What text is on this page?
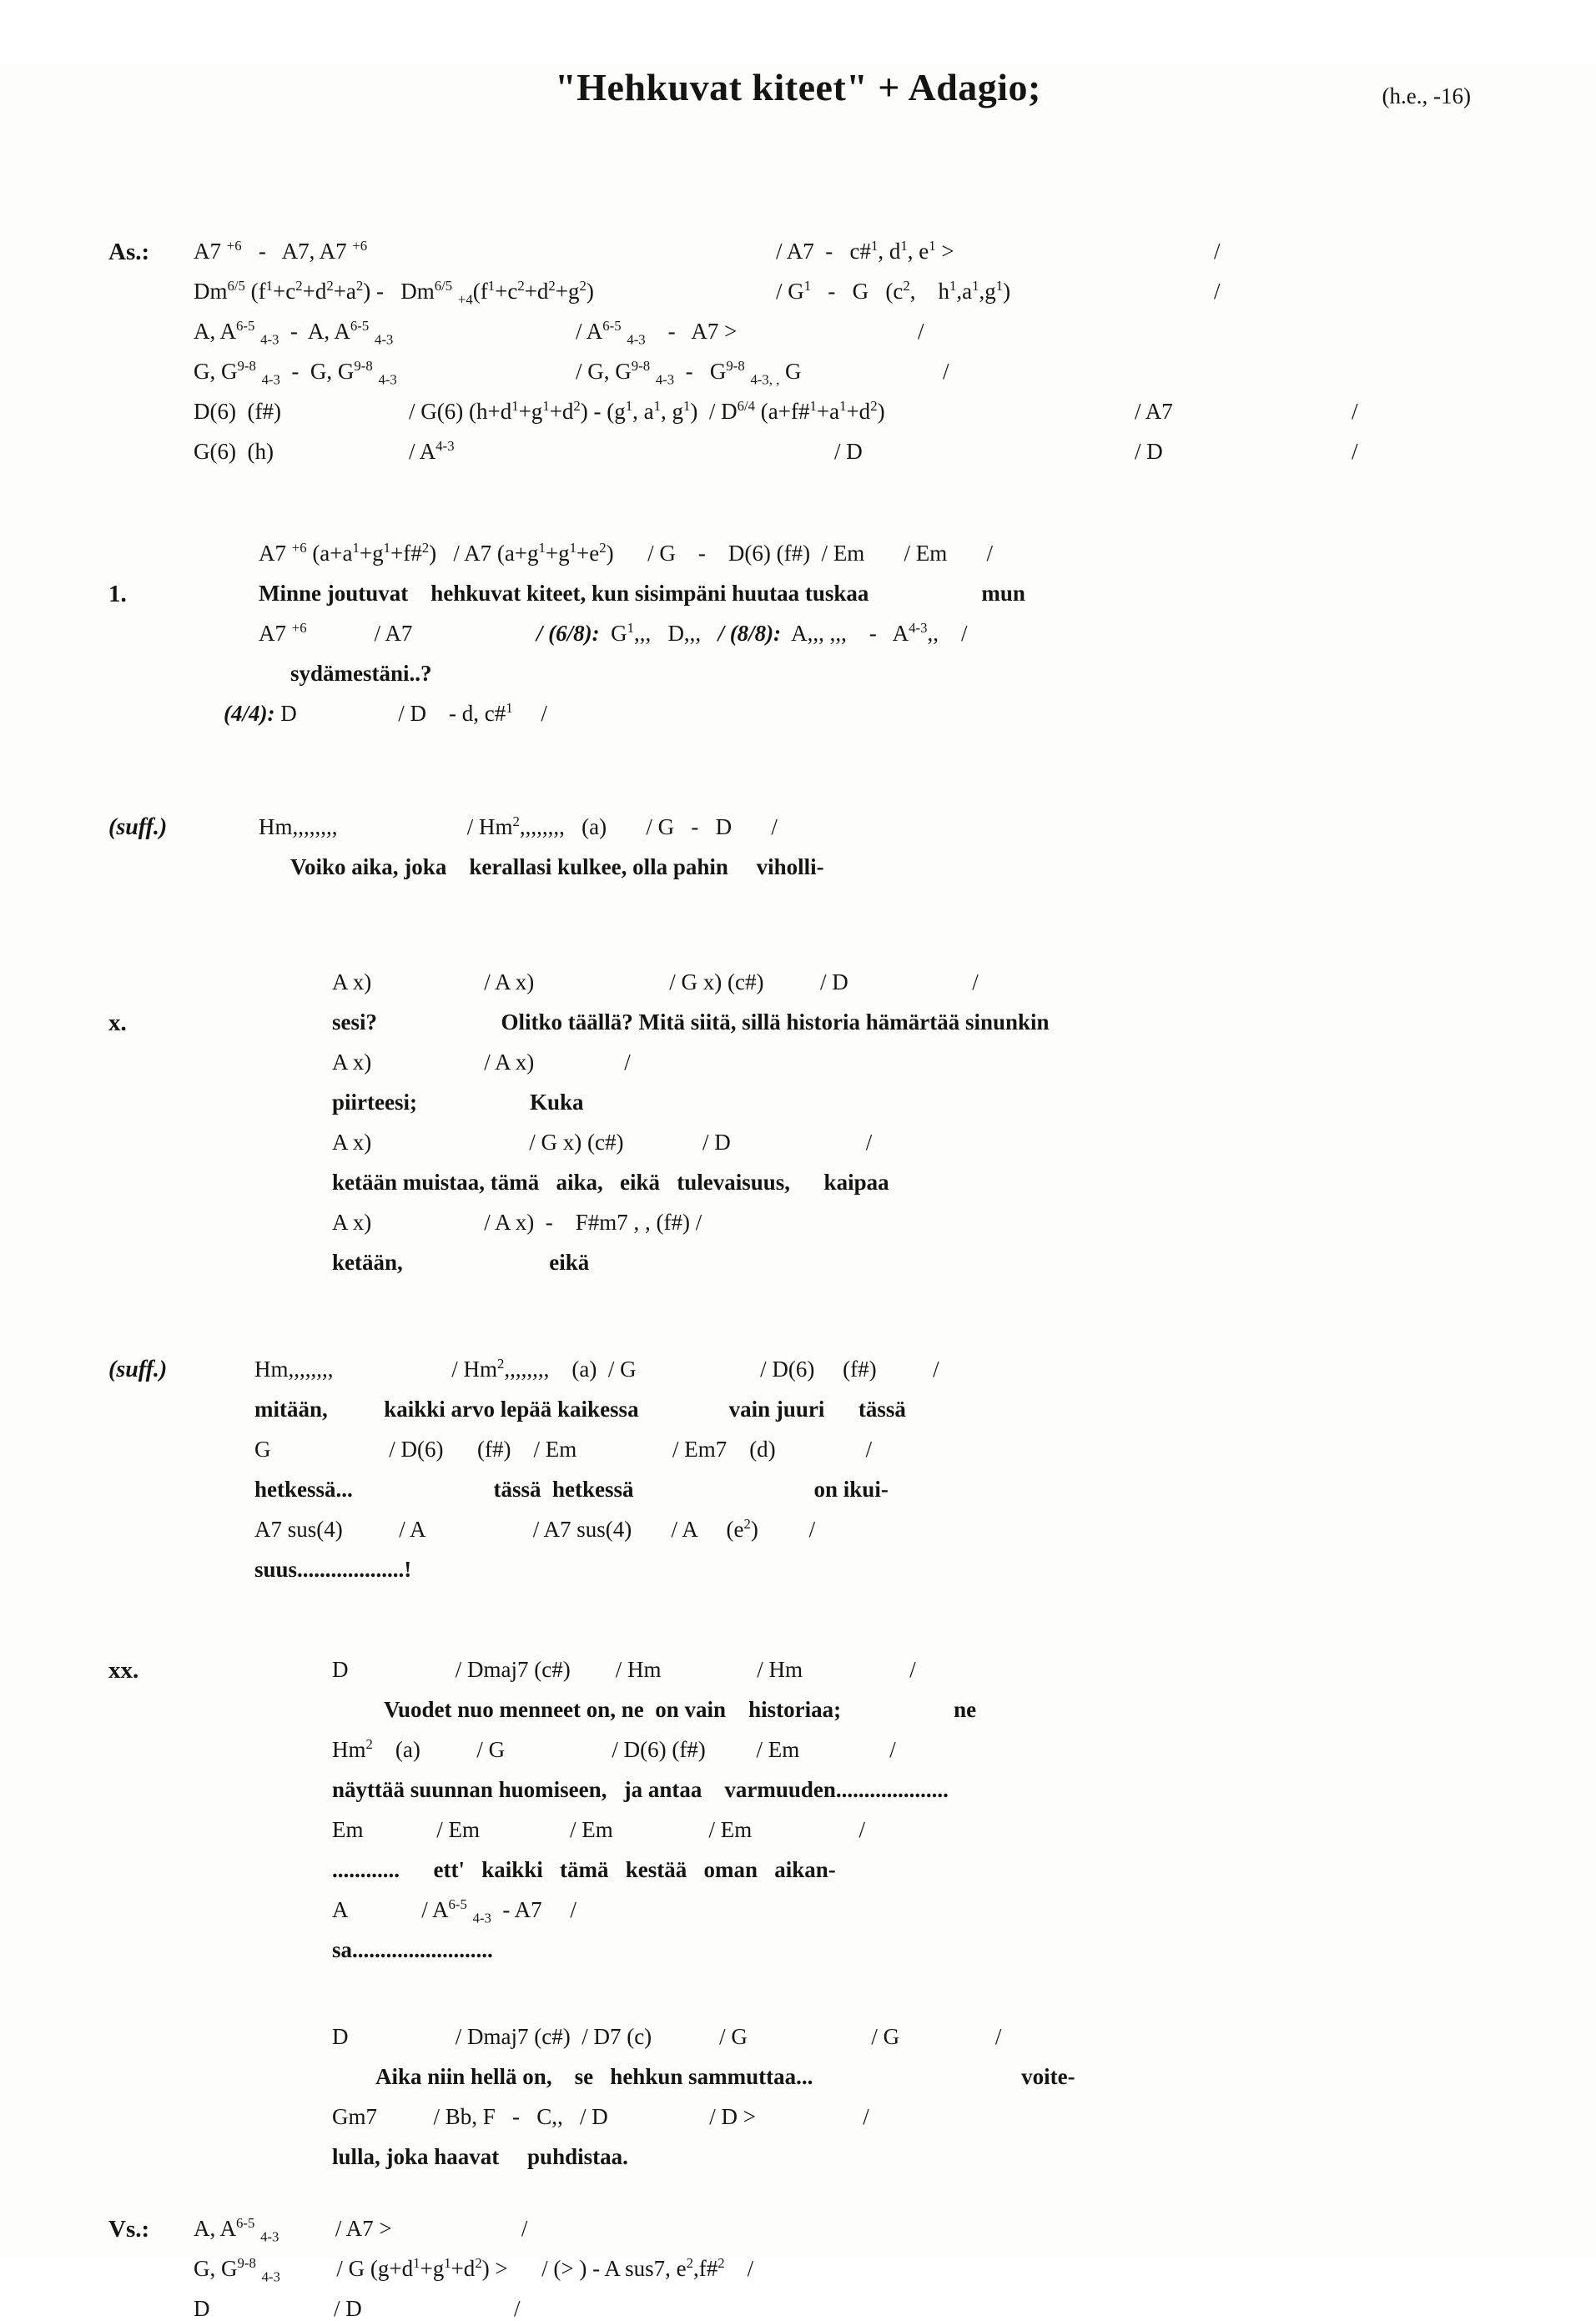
"Hehkuvat kiteet" + Adagio;	(h.e., -16)
As.: A7 $^{+6}$   -   A7, A7 $^{+6}$	/ A7  -   c#$^1$, $d^1$, $e^1$ >	/
$Dm^{6/5}$ $(f^1+c^2+d^2+a^2) - Dm^{6/5}$ $_{+4}(f^1+c^2+d^2+g^2)$	/ $G^1$   -   G   ($c^2$,    $h^1,a^1,g^1$)	/
A, $A^{6-5}$ $_{4-3}$  -  A, $A^{6-5}$ $_{4-3}$	/ $A^{6-5}$ $_{4-3}$    -   A7 >	/
G, $G^{9-8}$ $_{4-3}$  -  G, $G^{9-8}$ $_{4-3}$	/ G, $G^{9-8}$ $_{4-3} - G^{9-8}$ $_{4-3, ,}$ G	/
D(6)  (f#)	/ G(6) $(h+d^1+g^1+d^2) - (g^1$, $a^1$, $g^1) / D^{6/4}$ $(a+f\#^1+a^1+d^2)$	/ A7	/
G(6)  (h)	/ $A^{4-3}$	/ D	/ D	/
1.
A7 $^{+6}$ $(a+a^1+g^1+f\#^2) / A7$ $(a+g^1+g^1+e^2)$      / G    -    D(6) (f#)  / Em       / Em       /
Minne joutuvat    hehkuvat kiteet, kun sisimpäni huutaa tuskaa                    mun
A7 $^{+6}$            / A7                      / (6/8):  $G^1$,,,   D,,,   / (8/8):  A,,, ,,,    -   $A^{4-3}$,,    /
sydämestäni..?
(4/4): D                  / D    - d, c#$^1$     /
(suff.)	Hm,,,,,,,,                       / Hm$^2$,,,,,,,,   (a)       / G   -   D       /
Voiko aika, joka    kerallasi kulkee, olla pahin     viholli-
x.
A x)                    / A x)                        / G x) (c#)          / D                      /
sesi?                      Olitko täällä? Mitä siitä, sillä historia hämärtää sinunkin
A x)                    / A x)                /
piirteesi;                    Kuka
A x)                            / G x) (c#)              / D                        /
ketään muistaa, tämä   aika,   eikä   tulevaisuus,      kaipaa
A x)                    / A x)  -    F#m7 , , (f#) /
ketään,                          eikä
(suff.)	Hm,,,,,,,,                     / Hm$^2$,,,,,,,,    (a)  / G                      / D(6)     (f#)          /
mitään,          kaikki arvo lepää kaikessa                vain juuri      tässä
G                     / D(6)      (f#)    / Em                 / Em7    (d)                /
hetkessä...                         tässä  hetkessä                                on ikui-
A7 sus(4)          / A                   / A7 sus(4)       / A     $(e^2)$         /
suus...................!
xx.	D                   / Dmaj7 (c#)        / Hm                 / Hm                   /
Vuodet nuo menneet on, ne  on vain    historiaa;                    ne
Hm$^2$    (a)          / G                   / D(6) (f#)         / Em                /
näyttää suunnan huomiseen,   ja antaa    varmuuden....................
Em             / Em                / Em                 / Em                   /
............      ett'   kaikki   tämä   kestää   oman   aikan-
A             / $A^{6-5}$ $_{4-3}$  - A7     /
sa.........................
D                   / Dmaj7 (c#)  / D7 (c)            / G                      / G                 /
Aika niin hellä on,    se   hehkun sammuttaa...                                     voite-
Gm7          / Bb, F   -   C,,   / D                  / D >                   /
lulla, joka haavat     puhdistaa.
Vs.: A, $A^{6-5}$ $_{4-3}$          / A7 >                       /
G, $G^{9-8}$ $_{4-3}$          / G $(g+d^1+g^1+d^2)$ >      / (> ) - A sus7, $e^2,f\#^2$    /
D                      / D                           /
